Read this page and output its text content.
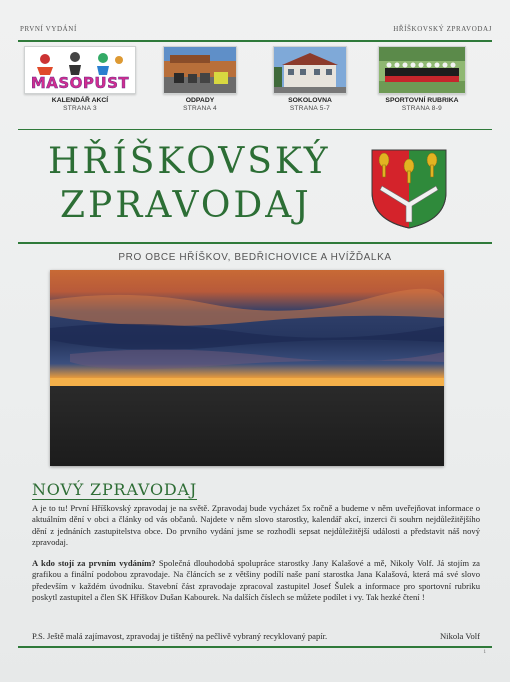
PRVNÍ VYDÁNÍ	HŘÍŠKOVSKÝ ZPRAVODAJ
MASOPUST
KALENDÁŘ AKCÍ
STRANA 3
ODPADY
STRANA 4
SOKOLOVNA
STRANA 5-7
SPORTOVNÍ RUBRIKA
STRANA 8-9
HŘÍŠKOVSKÝ
ZPRAVODAJ
PRO OBCE HŘÍŠKOV, BEDŘICHOVICE A HVÍŽĎALKA
NOVÝ ZPRAVODAJ
A je to tu! První Hříškovský zpravodaj je na světě. Zpravodaj bude vycházet 5x ročně a budeme v něm uveřejňovat informace o aktuálním dění v obci a články od vás občanů. Najdete v něm slovo starostky, kalendář akcí, inzerci či souhrn nejdůležitějšího dění z jednáních zastupitelstva obce. Do prvního vydání jsme se rozhodli sepsat nejdůležitější události a představit náš nový zpravodaj.
A kdo stojí za prvním vydáním? Společná dlouhodobá spolupráce starostky Jany Kalašové a mě, Nikoly Volf. Já stojím za grafikou a finální podobou zpravodaje. Na článcích se z většiny podílí naše paní starostka Jana Kalašová, která má své slovo především v každém úvodníku. Stavební část zpravodaje zpracoval zastupitel Josef Šulek a informace pro sportovní rubriku poskytl zastupitel a člen SK Hříškov Dušan Kabourek. Na dalších číslech se můžete podílet i vy. Tak hezké čtení !
P.S. Ještě malá zajímavost, zpravodaj je tištěný na pečlivě vybraný recyklovaný papír.	Nikola Volf
1
